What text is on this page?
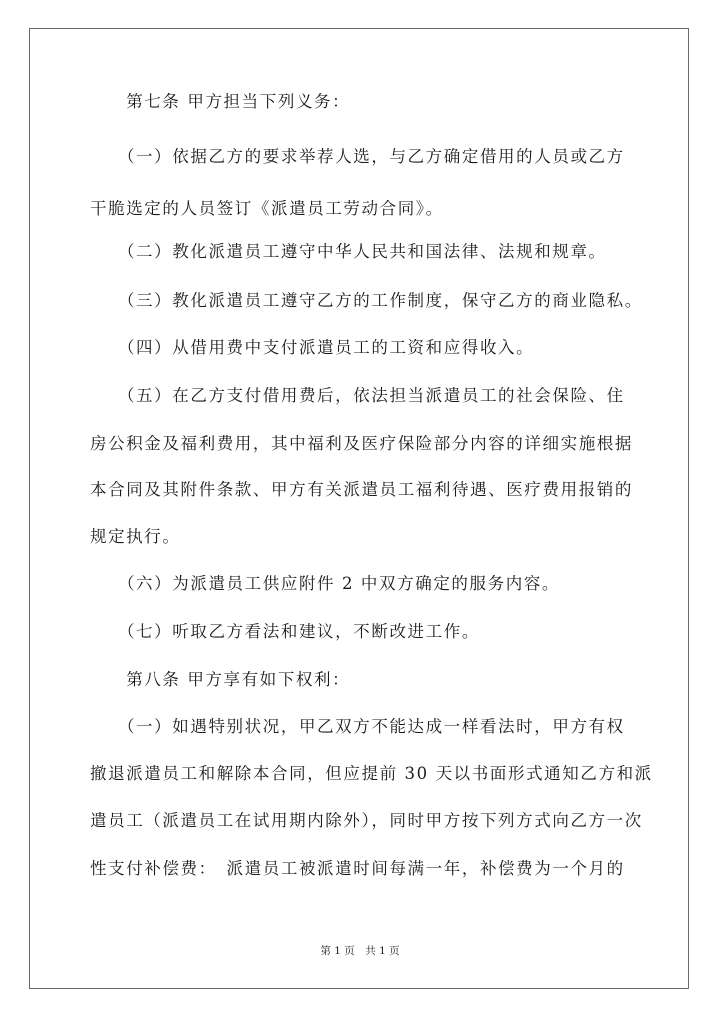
　　第七条 甲方担当下列义务：
　　（一）依据乙方的要求举荐人选，与乙方确定借用的人员或乙方
干脆选定的人员签订《派遣员工劳动合同》。
　　（二）教化派遣员工遵守中华人民共和国法律、法规和规章。
　　（三）教化派遣员工遵守乙方的工作制度，保守乙方的商业隐私。
　　（四）从借用费中支付派遣员工的工资和应得收入。
　　（五）在乙方支付借用费后，依法担当派遣员工的社会保险、住
房公积金及福利费用，其中福利及医疗保险部分内容的详细实施根据
本合同及其附件条款、甲方有关派遣员工福利待遇、医疗费用报销的
规定执行。
　　（六）为派遣员工供应附件 2 中双方确定的服务内容。
　　（七）听取乙方看法和建议，不断改进工作。
　　第八条 甲方享有如下权利：
　　（一）如遇特别状况，甲乙双方不能达成一样看法时，甲方有权
撤退派遣员工和解除本合同，但应提前 30 天以书面形式通知乙方和派
遣员工（派遣员工在试用期内除外），同时甲方按下列方式向乙方一次
性支付补偿费：　派遣员工被派遣时间每满一年，补偿费为一个月的
第 1 页　共 1 页
